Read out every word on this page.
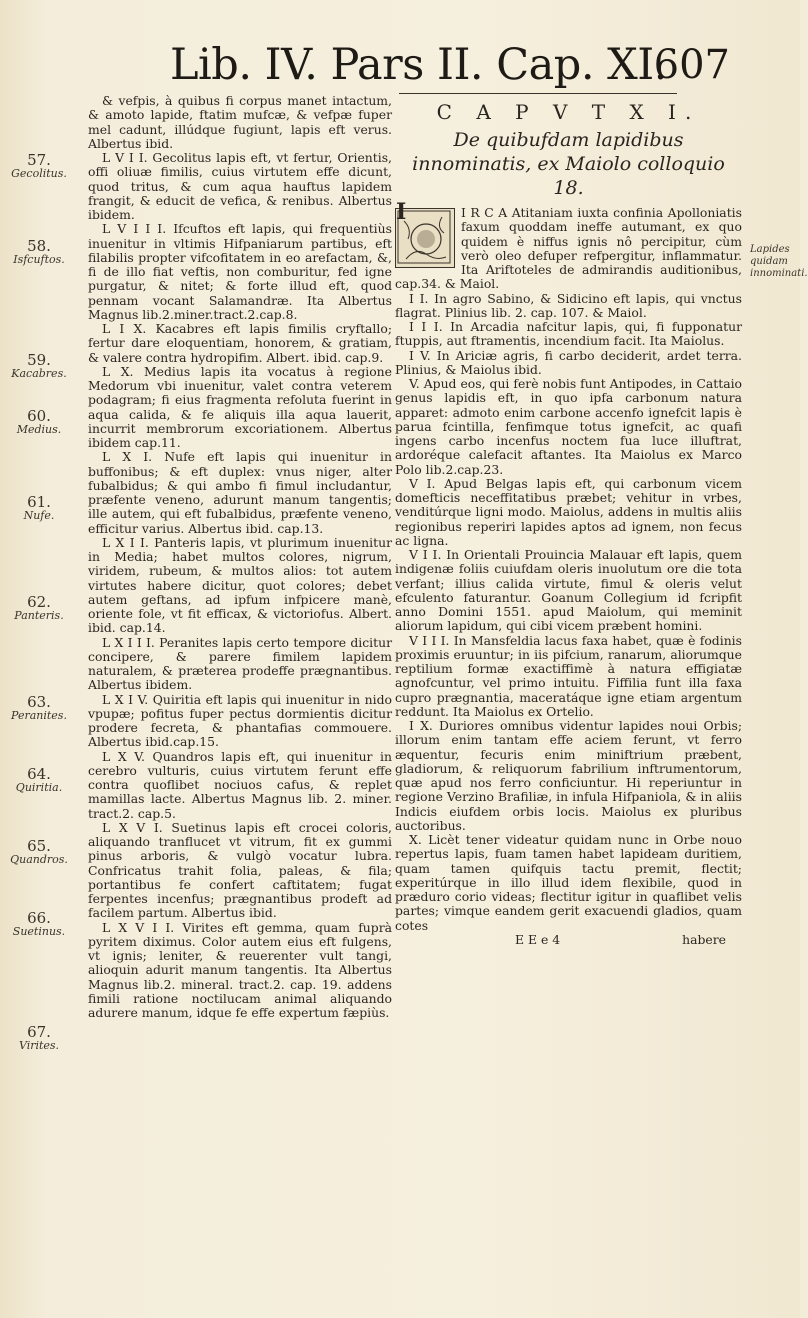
Lib. IV. Pars II. Cap. XI.
607
57.
Gecolitus.
58.
Isfcuftos.
59.
Kacabres.
60.
Medius.
61.
Nufe.
62.
Panteris.
63.
Peranites.
64.
Quiritia.
65.
Quandros.
66.
Suetinus.
67.
Virites.
Lapides quidam innominati.

& vefpis, à quibus fi corpus manet intactum, & amoto lapide, ftatim mufcæ, & vefpæ fuper mel cadunt, illúdque fugiunt, lapis eft verus. Albertus ibid.

L V I I. Gecolitus lapis eft, vt fertur, Orientis, offi oliuæ fimilis, cuius virtutem effe dicunt, quod tritus, & cum aqua hauftus lapidem frangit, & educit de vefica, & renibus. Albertus ibidem.

L V I I I. Ifcuftos eft lapis, qui frequentiùs inuenitur in vltimis Hifpaniarum partibus, eft filabilis propter vifcofitatem in eo arefactam, &, fi de illo fiat veftis, non comburitur, fed igne purgatur, & nitet; & forte illud eft, quod pennam vocant Salamandræ. Ita Albertus Magnus lib.2.miner.tract.2.cap.8.

L I X. Kacabres eft lapis fimilis cryftallo; fertur dare eloquentiam, honorem, & gratiam, & valere contra hydropifim. Albert. ibid. cap.9.

L X. Medius lapis ita vocatus à regione Medorum vbi inuenitur, valet contra veterem podagram; fi eius fragmenta refoluta fuerint in aqua calida, & fe aliquis illa aqua lauerit, incurrit membrorum excoriationem. Albertus ibidem cap.11.

L X I. Nufe eft lapis qui inuenitur in buffonibus; & eft duplex: vnus niger, alter fubalbidus; & qui ambo fi fimul includantur, præfente veneno, adurunt manum tangentis; ille autem, qui eft fubalbidus, præfente veneno, efficitur varius. Albertus ibid. cap.13.

L X I I. Panteris lapis, vt plurimum inuenitur in Media; habet multos colores, nigrum, viridem, rubeum, & multos alios: tot autem virtutes habere dicitur, quot colores; debet autem geftans, ad ipfum infpicere manè, oriente fole, vt fit efficax, & victoriofus. Albert. ibid. cap.14.

L X I I I. Peranites lapis certo tempore dicitur concipere, & parere fimilem lapidem naturalem, & præterea prodeffe prægnantibus. Albertus ibidem.

L X I V. Quiritia eft lapis qui inuenitur in nido vpupæ; pofitus fuper pectus dormientis dicitur prodere fecreta, & phantafias commouere. Albertus ibid.cap.15.

L X V. Quandros lapis eft, qui inuenitur in cerebro vulturis, cuius virtutem ferunt effe contra quoflibet nociuos cafus, & replet mamillas lacte. Albertus Magnus lib. 2. miner. tract.2. cap.5.

L X V I. Suetinus lapis eft crocei coloris, aliquando tranflucet vt vitrum, fit ex gummi pinus arboris, & vulgò vocatur lubra. Confricatus trahit folia, paleas, & fila; portantibus fe confert caftitatem; fugat ferpentes incenfus; prægnantibus prodeft ad facilem partum. Albertus ibid.

L X V I I. Virites eft gemma, quam fuprà pyritem diximus. Color autem eius eft fulgens, vt ignis; leniter, & reuerenter vult tangi, alioquin adurit manum tangentis. Ita Albertus Magnus lib.2. mineral. tract.2. cap. 19. addens fimili ratione noctilucam animal aliquando adurere manum, idque fe effe expertum fæpiùs.

C A P V T X I.
De quibufdam lapidibus innominatis, ex Maiolo colloquio 18.
I	I R C A Atitaniam iuxta confinia Apolloniatis faxum quoddam ineffe autumant, ex quo quidem è niffus ignis nô percipitur, cùm verò oleo defuper refpergitur, inflammatur. Ita Ariftoteles de admirandis auditionibus, cap.34. & Maiol.

I I. In agro Sabino, & Sidicino eft lapis, qui vnctus flagrat. Plinius lib. 2. cap. 107. & Maiol.

I I I. In Arcadia nafcitur lapis, qui, fi fupponatur ftuppis, aut ftramentis, incendium facit. Ita Maiolus.

I V. In Ariciæ agris, fi carbo deciderit, ardet terra. Plinius, & Maiolus ibid.

V. Apud eos, qui ferè nobis funt Antipodes, in Cattaio genus lapidis eft, in quo ipfa carbonum natura apparet: admoto enim carbone accenfo ignefcit lapis è parua fcintilla, fenfimque totus ignefcit, ac quafi ingens carbo incenfus noctem fua luce illuftrat, ardoréque calefacit aftantes. Ita Maiolus ex Marco Polo lib.2.cap.23.

V I. Apud Belgas lapis eft, qui carbonum vicem domefticis neceffitatibus præbet; vehitur in vrbes, venditúrque ligni modo. Maiolus, addens in multis aliis regionibus reperiri lapides aptos ad ignem, non fecus ac ligna.

V I I. In Orientali Prouincia Malauar eft lapis, quem indigenæ foliis cuiufdam oleris inuolutum ore die tota verfant; illius calida virtute, fimul & oleris velut efculento faturantur. Goanum Collegium id fcripfit anno Domini 1551. apud Maiolum, qui meminit aliorum lapidum, qui cibi vicem præbent homini.

V I I I. In Mansfeldia lacus faxa habet, quæ è fodinis proximis eruuntur; in iis pifcium, ranarum, aliorumque reptilium formæ exactiffimè à natura effigiatæ agnofcuntur, vel primo intuitu. Fiffilia funt illa faxa cupro prægnantia, maceratáque igne etiam argentum reddunt. Ita Maiolus ex Ortelio.

I X. Duriores omnibus videntur lapides noui Orbis; illorum enim tantam effe aciem ferunt, vt ferro æquentur, fecuris enim miniftrium præbent, gladiorum, & reliquorum fabrilium inftrumentorum, quæ apud nos ferro conficiuntur. Hi reperiuntur in regione Verzino Brafiliæ, in infula Hifpaniola, & in aliis Indicis eiufdem orbis locis. Maiolus ex pluribus auctoribus.

X. Licèt tener videatur quidam nunc in Orbe nouo repertus lapis, fuam tamen habet lapideam duritiem, quam tamen quifquis tactu premit, flectit; experitúrque in illo illud idem flexibile, quod in præduro corio videas; flectitur igitur in quaflibet velis partes; vimque eandem gerit exacuendi gladios, quam cotes

E E e 4	habere
